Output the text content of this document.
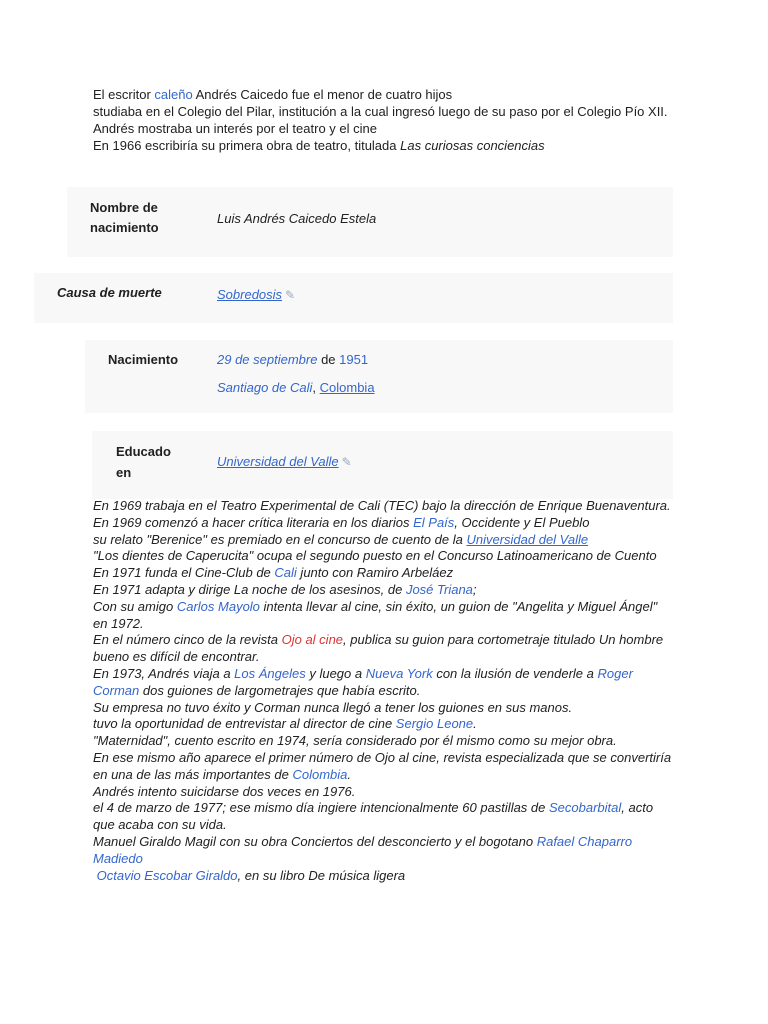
El escritor caleño Andrés Caicedo fue el menor de cuatro hijos
studiaba en el Colegio del Pilar, institución a la cual ingresó luego de su paso por el Colegio Pío XII.
Andrés mostraba un interés por el teatro y el cine
En 1966 escribiría su primera obra de teatro, titulada Las curiosas conciencias
Nombre de nacimiento
Luis Andrés Caicedo Estela
Causa de muerte	Sobredosis ✎
Nacimiento	29 de septiembre de 1951
Santiago de Cali, Colombia
Educado en
Universidad del Valle ✎
En 1969 trabaja en el Teatro Experimental de Cali (TEC) bajo la dirección de Enrique Buenaventura.
En 1969 comenzó a hacer crítica literaria en los diarios El País, Occidente y El Pueblo
su relato "Berenice" es premiado en el concurso de cuento de la Universidad del Valle
"Los dientes de Caperucita" ocupa el segundo puesto en el Concurso Latinoamericano de Cuento
En 1971 funda el Cine-Club de Cali junto con Ramiro Arbeláez
En 1971 adapta y dirige La noche de los asesinos, de José Triana;
Con su amigo Carlos Mayolo intenta llevar al cine, sin éxito, un guion de "Angelita y Miguel Ángel" en 1972.
En el número cinco de la revista Ojo al cine, publica su guion para cortometraje titulado Un hombre bueno es difícil de encontrar.
En 1973, Andrés viaja a Los Ángeles y luego a Nueva York con la ilusión de venderle a Roger Corman dos guiones de largometrajes que había escrito.
Su empresa no tuvo éxito y Corman nunca llegó a tener los guiones en sus manos.
tuvo la oportunidad de entrevistar al director de cine Sergio Leone.
"Maternidad", cuento escrito en 1974, sería considerado por él mismo como su mejor obra.
En ese mismo año aparece el primer número de Ojo al cine, revista especializada que se convertiría en una de las más importantes de Colombia.
Andrés intento suicidarse dos veces en 1976.
el 4 de marzo de 1977; ese mismo día ingiere intencionalmente 60 pastillas de Secobarbital, acto que acaba con su vida.
Manuel Giraldo Magil con su obra Conciertos del desconcierto y el bogotano Rafael Chaparro Madiedo
Octavio Escobar Giraldo, en su libro De música ligera
